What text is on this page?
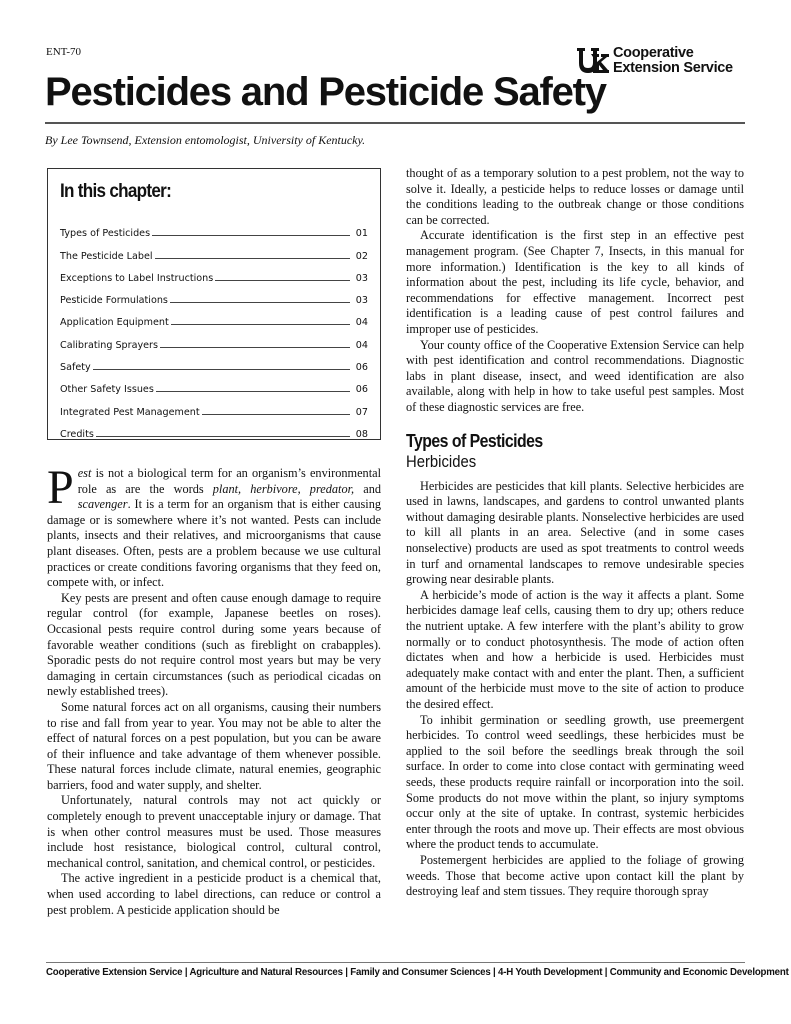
ENT-70	Cooperative
Extension Service
Pesticides and Pesticide Safety
By Lee Townsend, Extension entomologist, University of Kentucky.
In this chapter:
Types of Pesticides	01
The Pesticide Label	02
Exceptions to Label Instructions	03
Pesticide Formulations	03
Application Equipment	04
Calibrating Sprayers	04
Safety	06
Other Safety Issues	06
Integrated Pest Management	07
Credits	08

Pest is not a biological term for an organism’s environmental role as are the words plant, herbivore, predator, and scavenger. It is a term for an organism that is either causing damage or is somewhere where it’s not wanted. Pests can include plants, insects and their relatives, and microorganisms that cause plant diseases. Often, pests are a problem because we use cultural practices or create conditions favoring organisms that they feed on, compete with, or infect.

Key pests are present and often cause enough damage to require regular control (for example, Japanese beetles on roses). Occasional pests require control during some years because of favorable weather conditions (such as fireblight on crabapples). Sporadic pests do not require control most years but may be very damaging in certain circumstances (such as periodical cicadas on newly established trees).

Some natural forces act on all organisms, causing their numbers to rise and fall from year to year. You may not be able to alter the effect of natural forces on a pest population, but you can be aware of their influence and take advantage of them whenever possible. These natural forces include climate, natural enemies, geographic barriers, food and water supply, and shelter.

Unfortunately, natural controls may not act quickly or completely enough to prevent unacceptable injury or damage. That is when other control measures must be used. Those measures include host resistance, biological control, cultural control, mechanical control, sanitation, and chemical control, or pesticides.

The active ingredient in a pesticide product is a chemical that, when used according to label directions, can reduce or control a pest problem. A pesticide application should be

thought of as a temporary solution to a pest problem, not the way to solve it. Ideally, a pesticide helps to reduce losses or damage until the conditions leading to the outbreak change or those conditions can be corrected.

Accurate identification is the first step in an effective pest management program. (See Chapter 7, Insects, in this manual for more information.) Identification is the key to all kinds of information about the pest, including its life cycle, behavior, and recommendations for effective management. Incorrect pest identification is a leading cause of pest control failures and improper use of pesticides.

Your county office of the Cooperative Extension Service can help with pest identification and control recommendations. Diagnostic labs in plant disease, insect, and weed identification are also available, along with help in how to take useful pest samples. Most of these diagnostic services are free.

Types of Pesticides
Herbicides

Herbicides are pesticides that kill plants. Selective herbicides are used in lawns, landscapes, and gardens to control unwanted plants without damaging desirable plants. Nonselective herbicides are used to kill all plants in an area. Selective (and in some cases nonselective) products are used as spot treatments to control weeds in turf and ornamental landscapes to remove undesirable species growing near desirable plants.

A herbicide’s mode of action is the way it affects a plant. Some herbicides damage leaf cells, causing them to dry up; others reduce the nutrient uptake. A few interfere with the plant’s ability to grow normally or to conduct photosynthesis. The mode of action often dictates when and how a herbicide is used. Herbicides must adequately make contact with and enter the plant. Then, a sufficient amount of the herbicide must move to the site of action to produce the desired effect.

To inhibit germination or seedling growth, use preemergent herbicides. To control weed seedlings, these herbicides must be applied to the soil before the seedlings break through the soil surface. In order to come into close contact with germinating weed seeds, these products require rainfall or incorporation into the soil. Some products do not move within the plant, so injury symptoms occur only at the site of uptake. In contrast, systemic herbicides enter through the roots and move up. Their effects are most obvious where the product tends to accumulate.

Postemergent herbicides are applied to the foliage of growing weeds. Those that become active upon contact kill the plant by destroying leaf and stem tissues. They require thorough spray

Cooperative Extension Service | Agriculture and Natural Resources | Family and Consumer Sciences | 4-H Youth Development | Community and Economic Development
